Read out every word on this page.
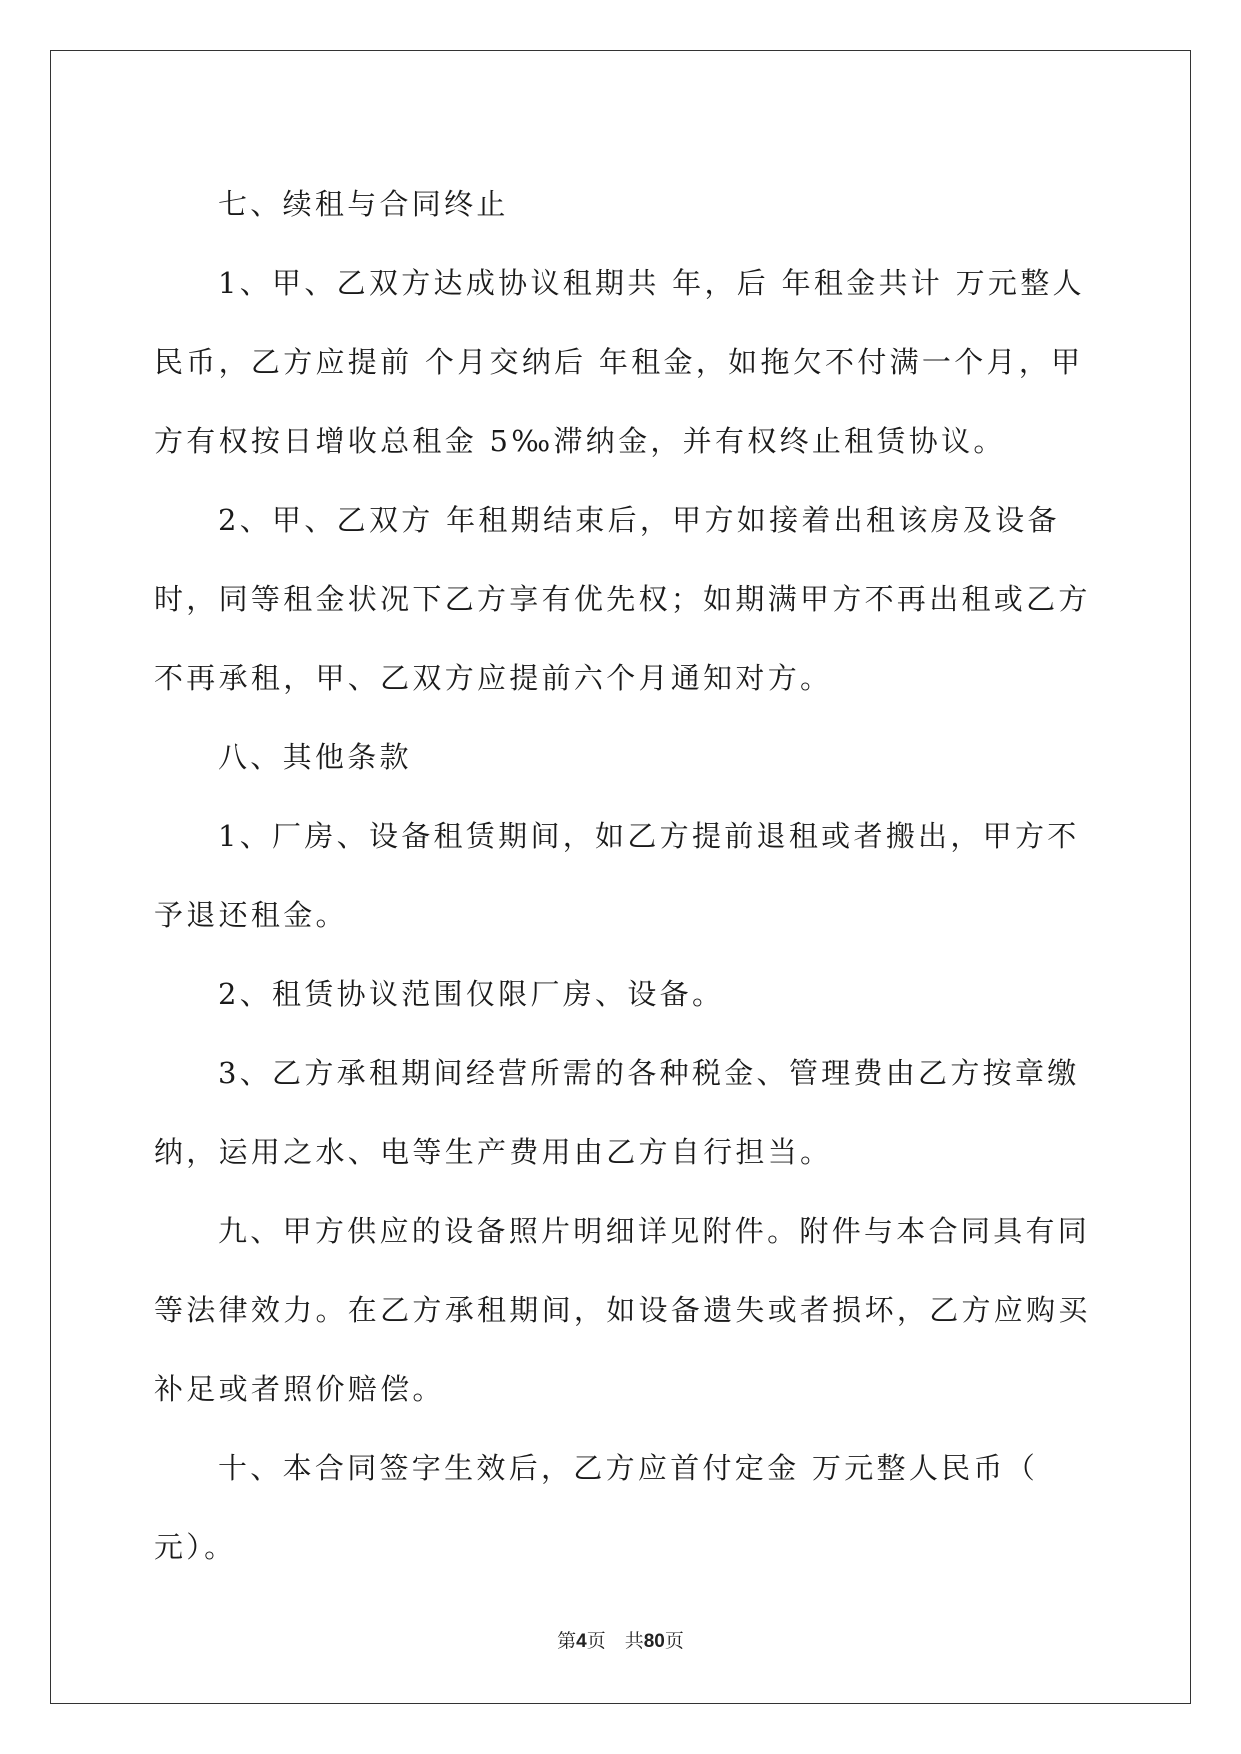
七、续租与合同终止

1、甲、乙双方达成协议租期共 年，后 年租金共计 万元整人民币，乙方应提前 个月交纳后 年租金，如拖欠不付满一个月，甲方有权按日增收总租金 5‰滞纳金，并有权终止租赁协议。

2、甲、乙双方 年租期结束后，甲方如接着出租该房及设备时，同等租金状况下乙方享有优先权；如期满甲方不再出租或乙方不再承租，甲、乙双方应提前六个月通知对方。

八、其他条款

1、厂房、设备租赁期间，如乙方提前退租或者搬出，甲方不予退还租金。

2、租赁协议范围仅限厂房、设备。

3、乙方承租期间经营所需的各种税金、管理费由乙方按章缴纳，运用之水、电等生产费用由乙方自行担当。

九、甲方供应的设备照片明细详见附件。附件与本合同具有同等法律效力。在乙方承租期间，如设备遗失或者损坏，乙方应购买补足或者照价赔偿。

十、本合同签字生效后，乙方应首付定金 万元整人民币（ 元）。

第4页　共80页
